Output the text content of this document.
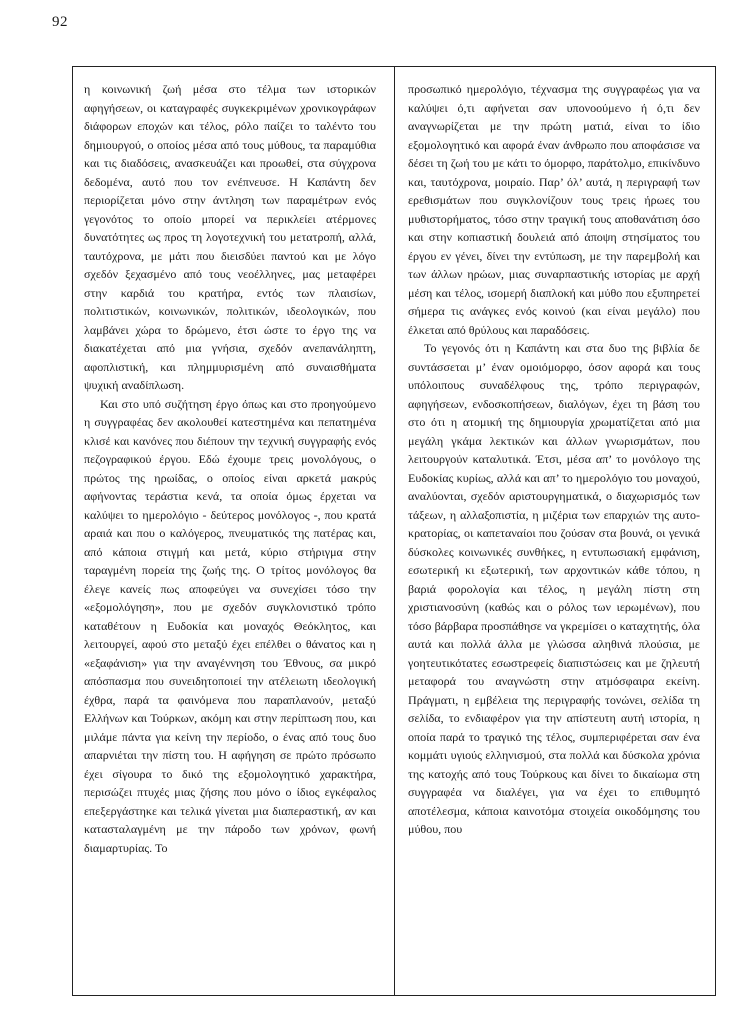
92

η κοινωνική ζωή μέσα στο τέλμα των ιστορικών αφηγήσεων, οι καταγραφές συγκεκριμένων χρονικογράφων διάφορων εποχών και τέλος, ρόλο παίζει το ταλέντο του δημιουργού, ο οποίος μέσα από τους μύθους, τα παραμύθια και τις διαδόσεις, ανασκευάζει και προωθεί, στα σύγχρονα δεδομένα, αυτό που τον ενέπνευσε. Η Καπάντη δεν περιορίζεται μόνο στην άντληση των παραμέτρων ενός γεγονότος το οποίο μπορεί να περικλείει ατέρμονες δυνατότητες ως προς τη λογοτεχνική του μετατροπή, αλλά, ταυτόχρονα, με μάτι που διεισδύει παντού και με λόγο σχεδόν ξεχασμένο από τους νεοέλληνες, μας μεταφέρει στην καρδιά του κρατήρα, εντός των πλαισίων, πολιτιστικών, κοινωνικών, πολιτικών, ιδεολογικών, που λαμβάνει χώρα το δρώμενο, έτσι ώστε το έργο της να διακατέχεται από μια γνήσια, σχεδόν ανεπανάληπτη, αφοπλιστική, και πλημμυρισμένη από συναισθήματα ψυχική αναδίπλωση.

Και στο υπό συζήτηση έργο όπως και στο προηγούμενο η συγγραφέας δεν ακολουθεί κατεστημένα και πεπατημένα κλισέ και κανόνες που διέπουν την τεχνική συγγραφής ενός πεζογραφικού έργου. Εδώ έχουμε τρεις μονολόγους, ο πρώτος της ηρωίδας, ο οποίος είναι αρκετά μακρύς αφήνοντας τεράστια κενά, τα οποία όμως έρχεται να καλύψει το ημερολόγιο - δεύτερος μονόλογος -, που κρατά αραιά και που ο καλόγερος, πνευματικός της πατέρας και, από κάποια στιγμή και μετά, κύριο στήριγμα στην ταραγμένη πορεία της ζωής της. Ο τρίτος μονόλογος θα έλεγε κανείς πως αποφεύγει να συνεχίσει τόσο την «εξομολόγηση», που με σχεδόν συγκλονιστικό τρόπο καταθέτουν η Ευδοκία και μοναχός Θεόκλητος, και λειτουργεί, αφού στο μεταξύ έχει επέλθει ο θάνατος και η «εξαφάνιση» για την αναγέννηση του Έθνους, σα μικρό απόσπασμα που συνειδητοποιεί την ατέλειωτη ιδεολογική έχθρα, παρά τα φαινόμενα που παραπλανούν, μεταξύ Ελλήνων και Τούρκων, ακόμη και στην περίπτωση που, και μιλάμε πάντα για κείνη την περίοδο, ο ένας από τους δυο απαρνιέται την πίστη του. Η αφήγηση σε πρώτο πρόσωπο έχει σίγουρα το δικό της εξομολογητικό χαρακτήρα, περισώζει πτυχές μιας ζήσης που μόνο ο ίδιος εγκέφαλος επεξεργάστηκε και τελικά γίνεται μια διαπεραστική, αν και κατασταλαγμένη με την πάροδο των χρόνων, φωνή διαμαρτυρίας. Το

προσωπικό ημερολόγιο, τέχνασμα της συγγραφέως για να καλύψει ό,τι αφήνεται σαν υπονοούμενο ή ό,τι δεν αναγνωρίζεται με την πρώτη ματιά, είναι το ίδιο εξομολογητικό και αφορά έναν άνθρωπο που αποφάσισε να δέσει τη ζωή του με κάτι το όμορφο, παράτολμο, επικίνδυνο και, ταυτόχρονα, μοιραίο. Παρ’ όλ’ αυτά, η περιγραφή των ερεθισμάτων που συγκλονίζουν τους τρεις ήρωες του μυθιστορήματος, τόσο στην τραγική τους αποθανάτιση όσο και στην κοπιαστική δουλειά από άποψη στησίματος του έργου εν γένει, δίνει την εντύπωση, με την παρεμβολή και των άλλων ηρώων, μιας συναρπαστικής ιστορίας με αρχή μέση και τέλος, ισομερή διαπλοκή και μύθο που εξυπηρετεί σήμερα τις ανάγκες ενός κοινού (και είναι μεγάλο) που έλκεται από θρύλους και παραδόσεις.

Το γεγονός ότι η Καπάντη και στα δυο της βιβλία δε συντάσσεται μ’ έναν ομοιόμορφο, όσον αφορά και τους υπόλοιπους συναδέλφους της, τρόπο περιγραφών, αφηγήσεων, ενδοσκοπήσεων, διαλόγων, έχει τη βάση του στο ότι η ατομική της δημιουργία χρωματίζεται από μια μεγάλη γκάμα λεκτικών και άλλων γνωρισμάτων, που λειτουργούν καταλυτικά. Έτσι, μέσα απ’ το μονόλογο της Ευδοκίας κυρίως, αλλά και απ’ το ημερολόγιο του μοναχού, αναλύονται, σχεδόν αριστουργηματικά, ο διαχωρισμός των τάξεων, η αλλαξοπιστία, η μιζέρια των επαρχιών της αυτοκρατορίας, οι καπεταναίοι που ζούσαν στα βουνά, οι γενικά δύσκολες κοινωνικές συνθήκες, η εντυπωσιακή εμφάνιση, εσωτερική κι εξωτερική, των αρχοντικών κάθε τόπου, η βαριά φορολογία και τέλος, η μεγάλη πίστη στη χριστιανοσύνη (καθώς και ο ρόλος των ιερωμένων), που τόσο βάρβαρα προσπάθησε να γκρεμίσει ο καταχτητής, όλα αυτά και πολλά άλλα με γλώσσα αληθινά πλούσια, με γοητευτικότατες εσωστρεφείς διαπιστώσεις και με ζηλευτή μεταφορά του αναγνώστη στην ατμόσφαιρα εκείνη. Πράγματι, η εμβέλεια της περιγραφής τονώνει, σελίδα τη σελίδα, το ενδιαφέρον για την απίστευτη αυτή ιστορία, η οποία παρά το τραγικό της τέλος, συμπεριφέρεται σαν ένα κομμάτι υγιούς ελληνισμού, στα πολλά και δύσκολα χρόνια της κατοχής από τους Τούρκους και δίνει το δικαίωμα στη συγγραφέα να διαλέγει, για να έχει το επιθυμητό αποτέλεσμα, κάποια καινοτόμα στοιχεία οικοδόμησης του μύθου, που
